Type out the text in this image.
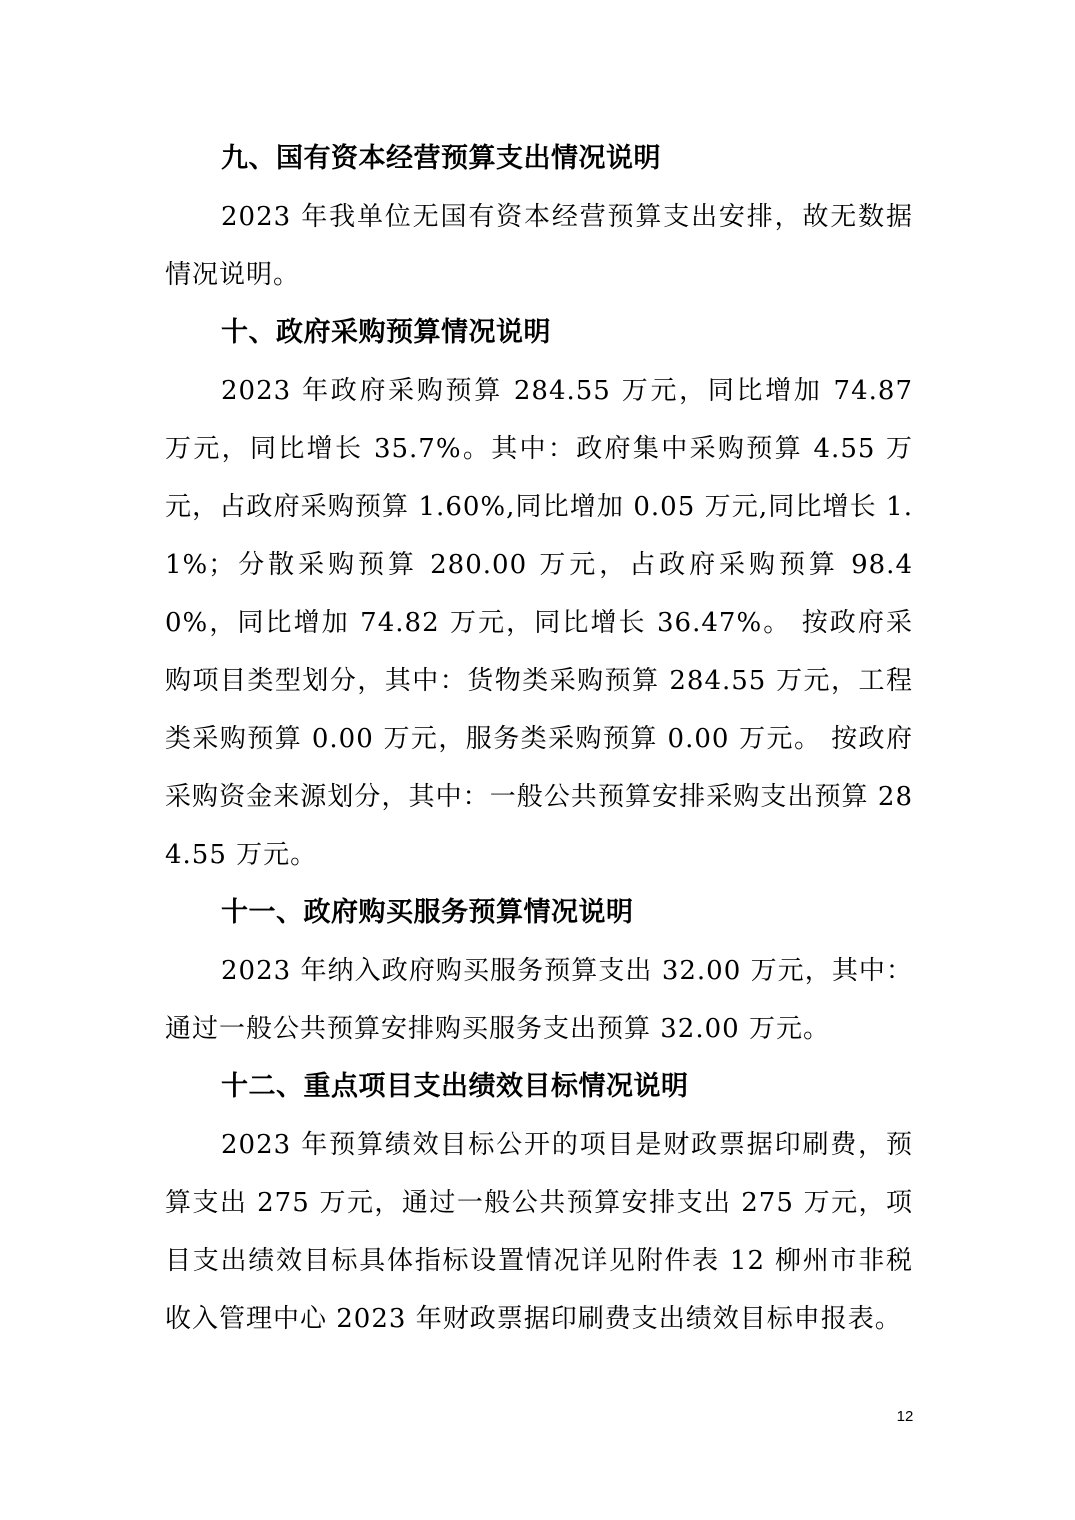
九、国有资本经营预算支出情况说明

2023 年我单位无国有资本经营预算支出安排，故无数据情况说明。

十、政府采购预算情况说明

2023 年政府采购预算 284.55 万元，同比增加 74.87 万元，同比增长 35.7%。其中：政府集中采购预算 4.55 万元，占政府采购预算 1.60%,同比增加 0.05 万元,同比增长 1.1%；分散采购预算 280.00 万元，占政府采购预算 98.40%，同比增加 74.82 万元，同比增长 36.47%。 按政府采购项目类型划分，其中：货物类采购预算 284.55 万元，工程类采购预算 0.00 万元，服务类采购预算 0.00 万元。 按政府采购资金来源划分，其中：一般公共预算安排采购支出预算 284.55 万元。

十一、政府购买服务预算情况说明

2023 年纳入政府购买服务预算支出 32.00 万元，其中：通过一般公共预算安排购买服务支出预算 32.00 万元。

十二、重点项目支出绩效目标情况说明

2023 年预算绩效目标公开的项目是财政票据印刷费，预算支出 275 万元，通过一般公共预算安排支出 275 万元，项目支出绩效目标具体指标设置情况详见附件表 12 柳州市非税收入管理中心 2023 年财政票据印刷费支出绩效目标申报表。

12
